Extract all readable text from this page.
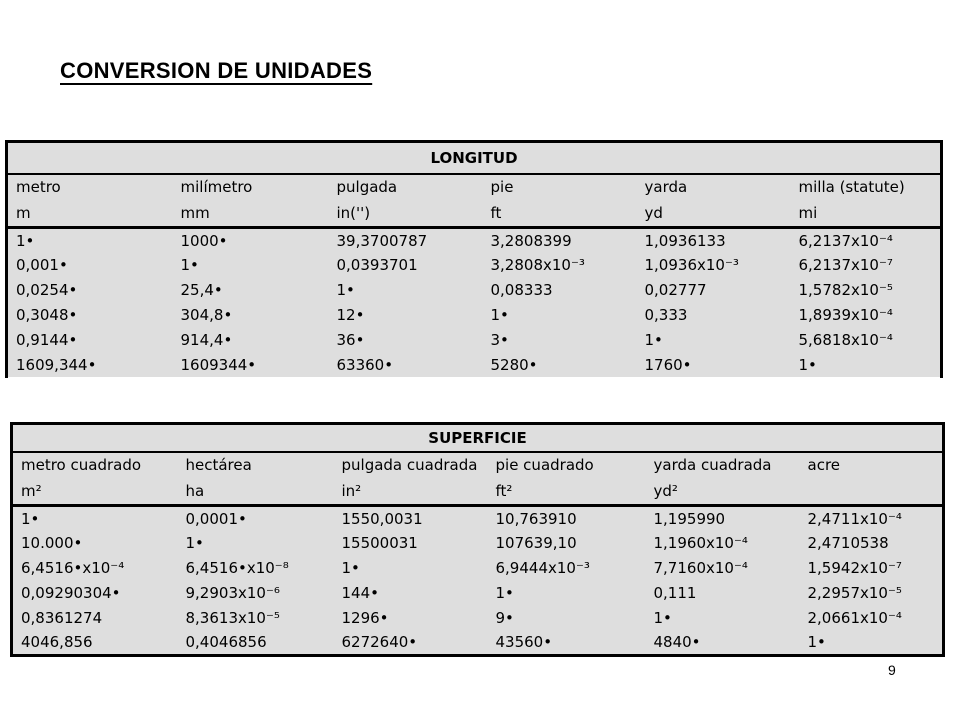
CONVERSION DE UNIDADES
LONGITUD					
metro	milímetro	pulgada	pie	yarda	milla (statute)
m	mm	in('')	ft	yd	mi
1•	1000•	39,3700787	3,2808399	1,0936133	6,2137x10⁻⁴
0,001•	1•	0,0393701	3,2808x10⁻³	1,0936x10⁻³	6,2137x10⁻⁷
0,0254•	25,4•	1•	0,08333	0,02777	1,5782x10⁻⁵
0,3048•	304,8•	12•	1•	0,333	1,8939x10⁻⁴
0,9144•	914,4•	36•	3•	1•	5,6818x10⁻⁴
1609,344•	1609344•	63360•	5280•	1760•	1•
SUPERFICIE					
metro cuadrado	hectárea	pulgada cuadrada	pie cuadrado	yarda cuadrada	acre
m²	ha	in²	ft²	yd²	
1•	0,0001•	1550,0031	10,763910	1,195990	2,4711x10⁻⁴
10.000•	1•	15500031	107639,10	1,1960x10⁻⁴	2,4710538
6,4516•x10⁻⁴	6,4516•x10⁻⁸	1•	6,9444x10⁻³	7,7160x10⁻⁴	1,5942x10⁻⁷
0,09290304•	9,2903x10⁻⁶	144•	1•	0,111	2,2957x10⁻⁵
0,8361274	8,3613x10⁻⁵	1296•	9•	1•	2,0661x10⁻⁴
4046,856	0,4046856	6272640•	43560•	4840•	1•
9
